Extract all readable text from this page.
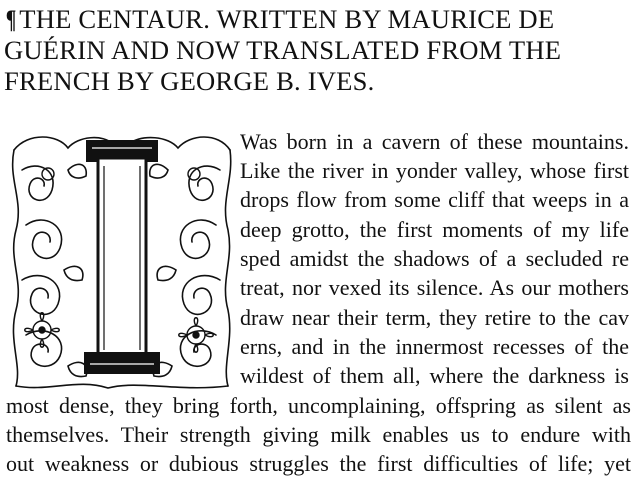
¶ THE CENTAUR. WRITTEN BY MAURICE DE
GUÉRIN AND NOW TRANSLATED FROM THE
FRENCH BY GEORGE B. IVES.
Was born in a cavern of these mountains.
Like the river in yonder valley, whose first
drops flow from some cliff that weeps in a
deep grotto, the first moments of my life
sped amidst the shadows of a secluded re
treat, nor vexed its silence. As our mothers
draw near their term, they retire to the cav
erns, and in the innermost recesses of the
wildest of them all, where the darkness is
most dense, they bring forth, uncomplaining, offspring as silent as
themselves. Their strength giving milk enables us to endure with
out weakness or dubious struggles the first difficulties of life; yet
